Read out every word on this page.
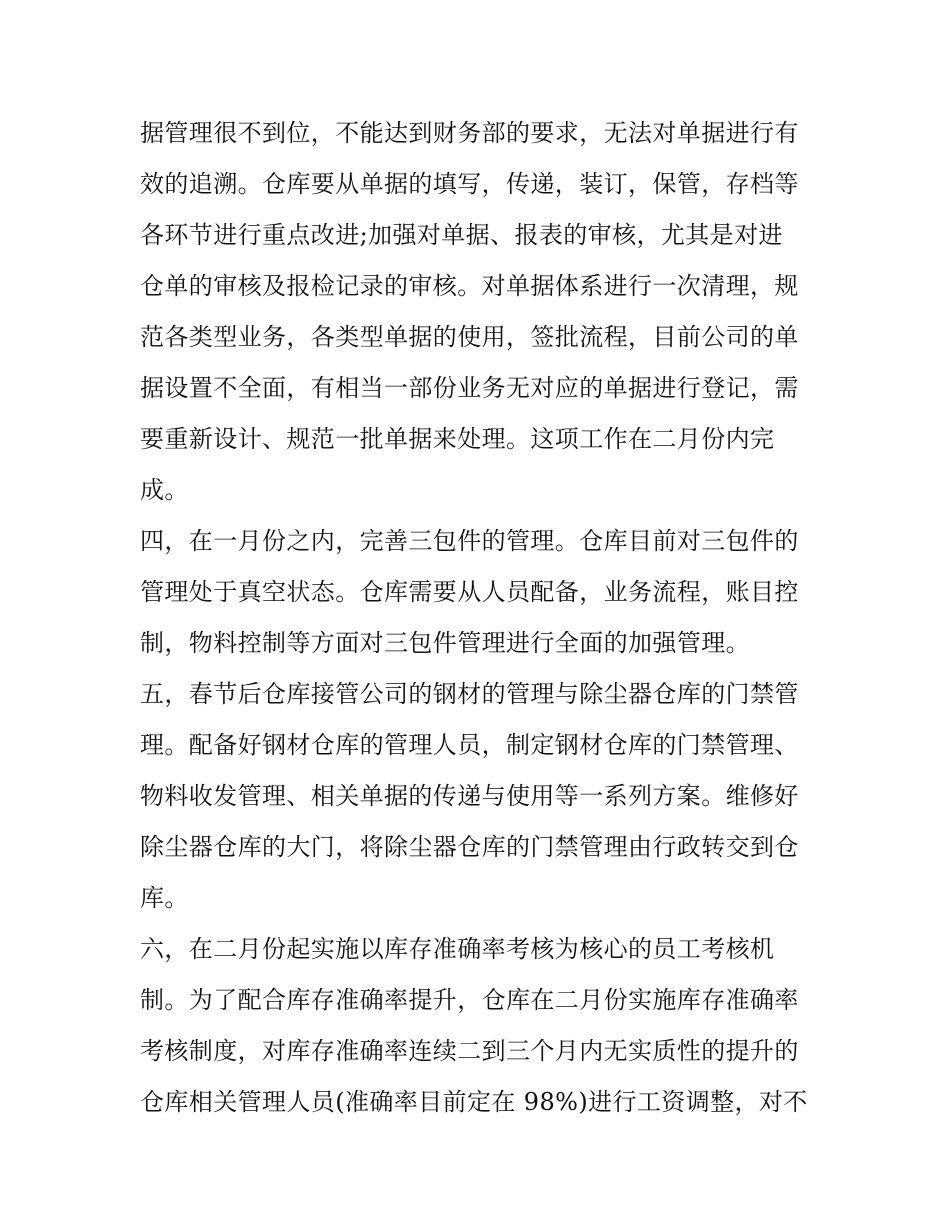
据管理很不到位，不能达到财务部的要求，无法对单据进行有
效的追溯。仓库要从单据的填写，传递，装订，保管，存档等
各环节进行重点改进;加强对单据、报表的审核，尤其是对进
仓单的审核及报检记录的审核。对单据体系进行一次清理，规
范各类型业务，各类型单据的使用，签批流程，目前公司的单
据设置不全面，有相当一部份业务无对应的单据进行登记，需
要重新设计、规范一批单据来处理。这项工作在二月份内完
成。
四，在一月份之内，完善三包件的管理。仓库目前对三包件的
管理处于真空状态。仓库需要从人员配备，业务流程，账目控
制，物料控制等方面对三包件管理进行全面的加强管理。
五，春节后仓库接管公司的钢材的管理与除尘器仓库的门禁管
理。配备好钢材仓库的管理人员，制定钢材仓库的门禁管理、
物料收发管理、相关单据的传递与使用等一系列方案。维修好
除尘器仓库的大门，将除尘器仓库的门禁管理由行政转交到仓
库。
六，在二月份起实施以库存准确率考核为核心的员工考核机
制。为了配合库存准确率提升，仓库在二月份实施库存准确率
考核制度，对库存准确率连续二到三个月内无实质性的提升的
仓库相关管理人员(准确率目前定在 98%)进行工资调整，对不
